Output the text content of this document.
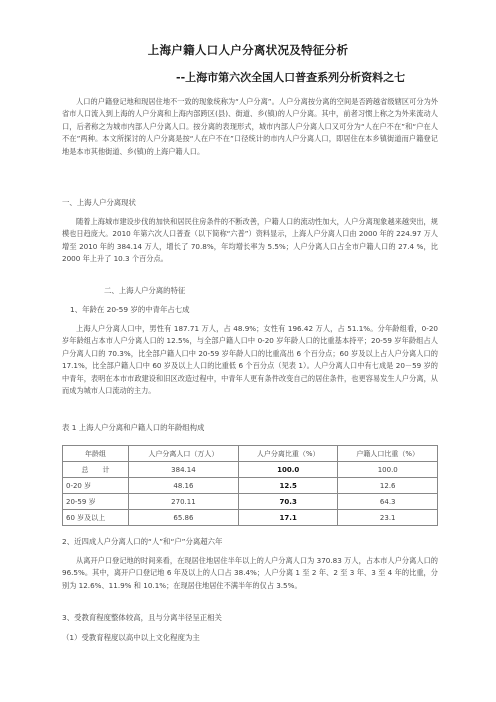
上海户籍人口人户分离状况及特征分析
--上海市第六次全国人口普查系列分析资料之七

人口的户籍登记地和现居住地不一致的现象统称为“人户分离”。人户分离按分离的空间是否跨越省级辖区可分为外省市人口流入到上海的人户分离和上海内部跨区(县)、街道、乡(镇)的人户分离。其中，前者习惯上称之为外来流动人口，后者称之为城市内部人户分离人口。按分离的表现形式，城市内部人户分离人口又可分为“人在户不在”和“户在人不在”两种。本文所探讨的人户分离是按“人在户不在”口径统计的市内人户分离人口，即居住在本乡镇街道而户籍登记地是本市其他街道、乡(镇)的上海户籍人口。

一、上海人户分离现状

随着上海城市建设步伐的加快和居民住房条件的不断改善，户籍人口的流动性加大，人户分离现象越来越突出，规模也日趋庞大。2010 年第六次人口普查（以下简称“六普”）资料显示，上海人户分离人口由 2000 年的 224.97 万人增至 2010 年的 384.14 万人，增长了 70.8%，年均增长率为 5.5%；人户分离人口占全市户籍人口的 27.4 %，比 2000 年上升了 10.3 个百分点。

二、上海人户分离的特征

1、年龄在 20-59 岁的中青年占七成

上海人户分离人口中，男性有 187.71 万人，占 48.9%；女性有 196.42 万人，占 51.1%。分年龄组看，0-20 岁年龄组占本市人户分离人口的 12.5%，与全部户籍人口中 0-20 岁年龄人口的比重基本持平；20-59 岁年龄组占人户分离人口的 70.3%，比全部户籍人口中 20-59 岁年龄人口的比重高出 6 个百分点；60 岁及以上占人户分离人口的 17.1%，比全部户籍人口中 60 岁及以上人口的比重低 6 个百分点（见表 1）。人户分离人口中有七成是 20－59 岁的中青年，表明在本市市政建设和旧区改造过程中，中青年人更有条件改变自己的居住条件，也更容易发生人户分离，从而成为城市人口流动的主力。

表 1 上海人户分离和户籍人口的年龄组构成

年龄组	人户分离人口（万人）	人户分离比重（%）	户籍人口比重（%）
总　　计	384.14	100.0	100.0
0-20 岁	48.16	12.5	12.6
20-59 岁	270.11	70.3	64.3
60 岁及以上	65.86	17.1	23.1

2、近四成人户分离人口的“人”和“户”分离超六年

从离开户口登记地的时间来看，在现居住地居住半年以上的人户分离人口为 370.83 万人，占本市人户分离人口的 96.5%。其中，离开户口登记地 6 年及以上的人口占 38.4%；人户分离 1 至 2 年、2 至 3 年、3 至 4 年的比重，分别为 12.6%、11.9% 和 10.1%；在现居住地居住不满半年的仅占 3.5%。

3、受教育程度整体较高，且与分离半径呈正相关

（1）受教育程度以高中以上文化程度为主
